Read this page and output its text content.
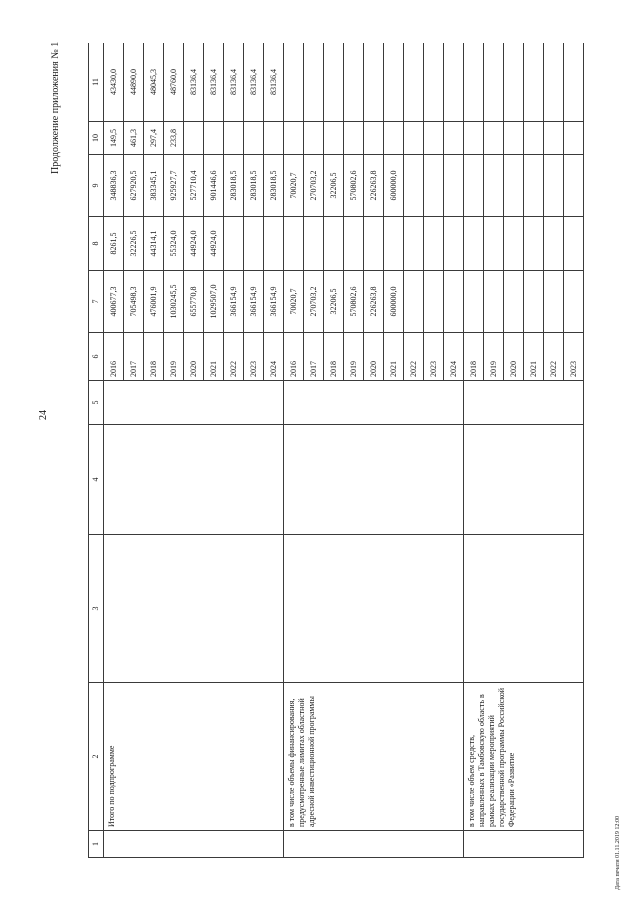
24
Продолжение приложения № 1
Дата печати 01.11.2019 12:00
1	2	3	4	5	6	7	8	9	10	11
	Итого по подпрограмме				2016	400677,3	8261,5	348836,3	149,5	43430,0
					2017	705498,3	32226,5	627920,5	461,3	44890,0
					2018	476001,9	44314,1	383345,1	297,4	48045,3
					2019	1030245,5	55324,0	925927,7	233,8	48760,0
					2020	655770,8	44924,0	527710,4		83136,4
					2021	1029507,0	44924,0	901446,6		83136,4
					2022	366154,9		283018,5		83136,4
					2023	366154,9		283018,5		83136,4
					2024	366154,9		283018,5		83136,4
	в том числе объемы финансирования, предусмотренные лимитах областной адресной инвестиционной программы				2016	70020,7		70020,7		
					2017	270703,2		270703,2		
					2018	32206,5		32206,5		
					2019	570802,6		570802,6		
					2020	226263,8		226263,8		
					2021	600000,0		600000,0		
					2022					
					2023					
					2024					
	в том числе объем средств, направленных в Тамбовскую область в рамках реализации мероприятий государственной программы Российской Федерации «Развитие				2018					
					2019					
					2020					
					2021					
					2022					
					2023					
